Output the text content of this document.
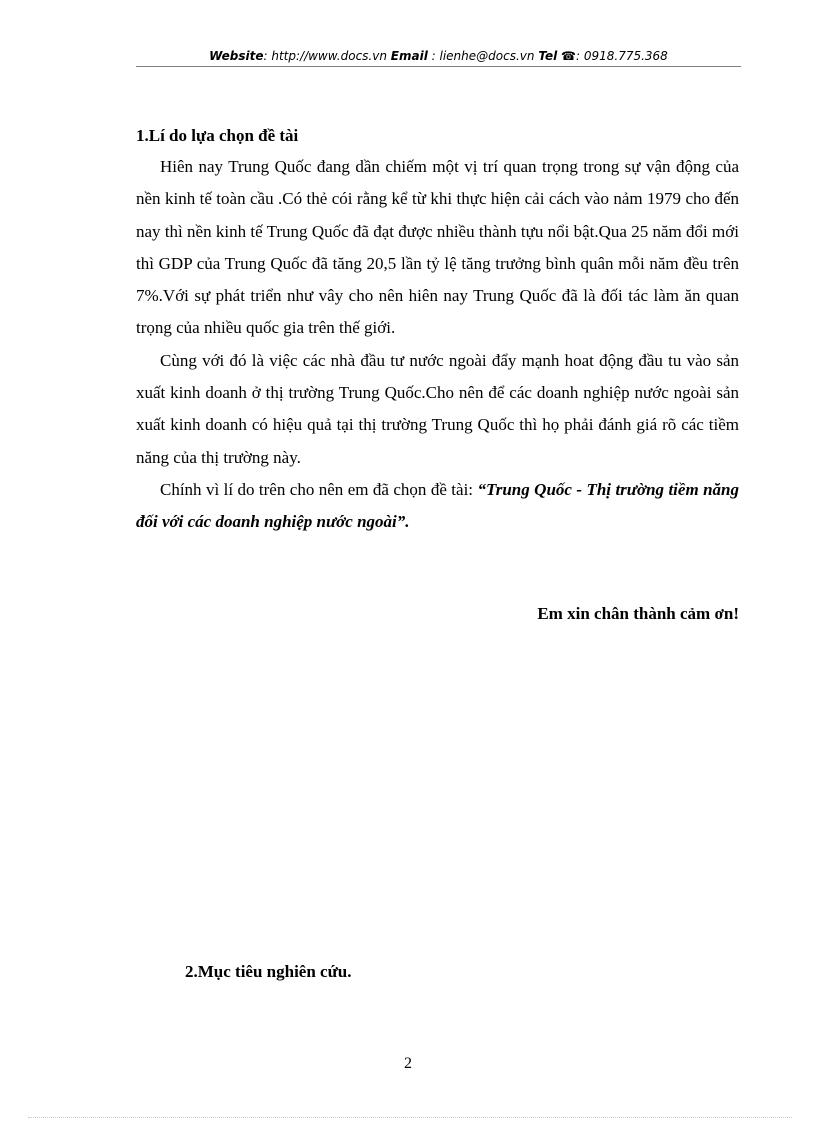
Website: http://www.docs.vn Email : lienhe@docs.vn Tel ☎: 0918.775.368
1.Lí do lựa chọn đề tài

Hiên nay Trung Quốc đang dần chiếm một vị trí quan trọng trong sự vận động của nền kinh tế toàn cầu .Có thẻ cói rằng kể từ khi thực hiện cải cách vào nảm 1979 cho đến nay thì nền kinh tế Trung Quốc đã đạt được nhiều thành tựu nổi bật.Qua 25 năm đổi mới thì GDP của Trung Quốc đã tăng 20,5 lần tỷ lệ tăng trưởng bình quân mỗi năm đều trên 7%.Với sự phát triển như vây cho nên hiên nay Trung Quốc đã là đối tác làm ăn quan trọng của nhiều quốc gia trên thế giới.

Cùng với đó là việc các nhà đầu tư nước ngoài đẩy mạnh hoat động đầu tu vào sản xuất kinh doanh ở thị trường Trung Quốc.Cho nên để các doanh nghiệp nước ngoài sản xuất kinh doanh có hiệu quả tại thị trường Trung Quốc thì họ phải đánh giá rõ các tiềm năng của thị trường này.

Chính vì lí do trên cho nên em đã chọn đề tài: “Trung Quốc - Thị trường tiềm năng đối với các doanh nghiệp nước ngoài”.

Em xin chân thành cảm ơn!
2.Mục tiêu nghiên cứu.
2
